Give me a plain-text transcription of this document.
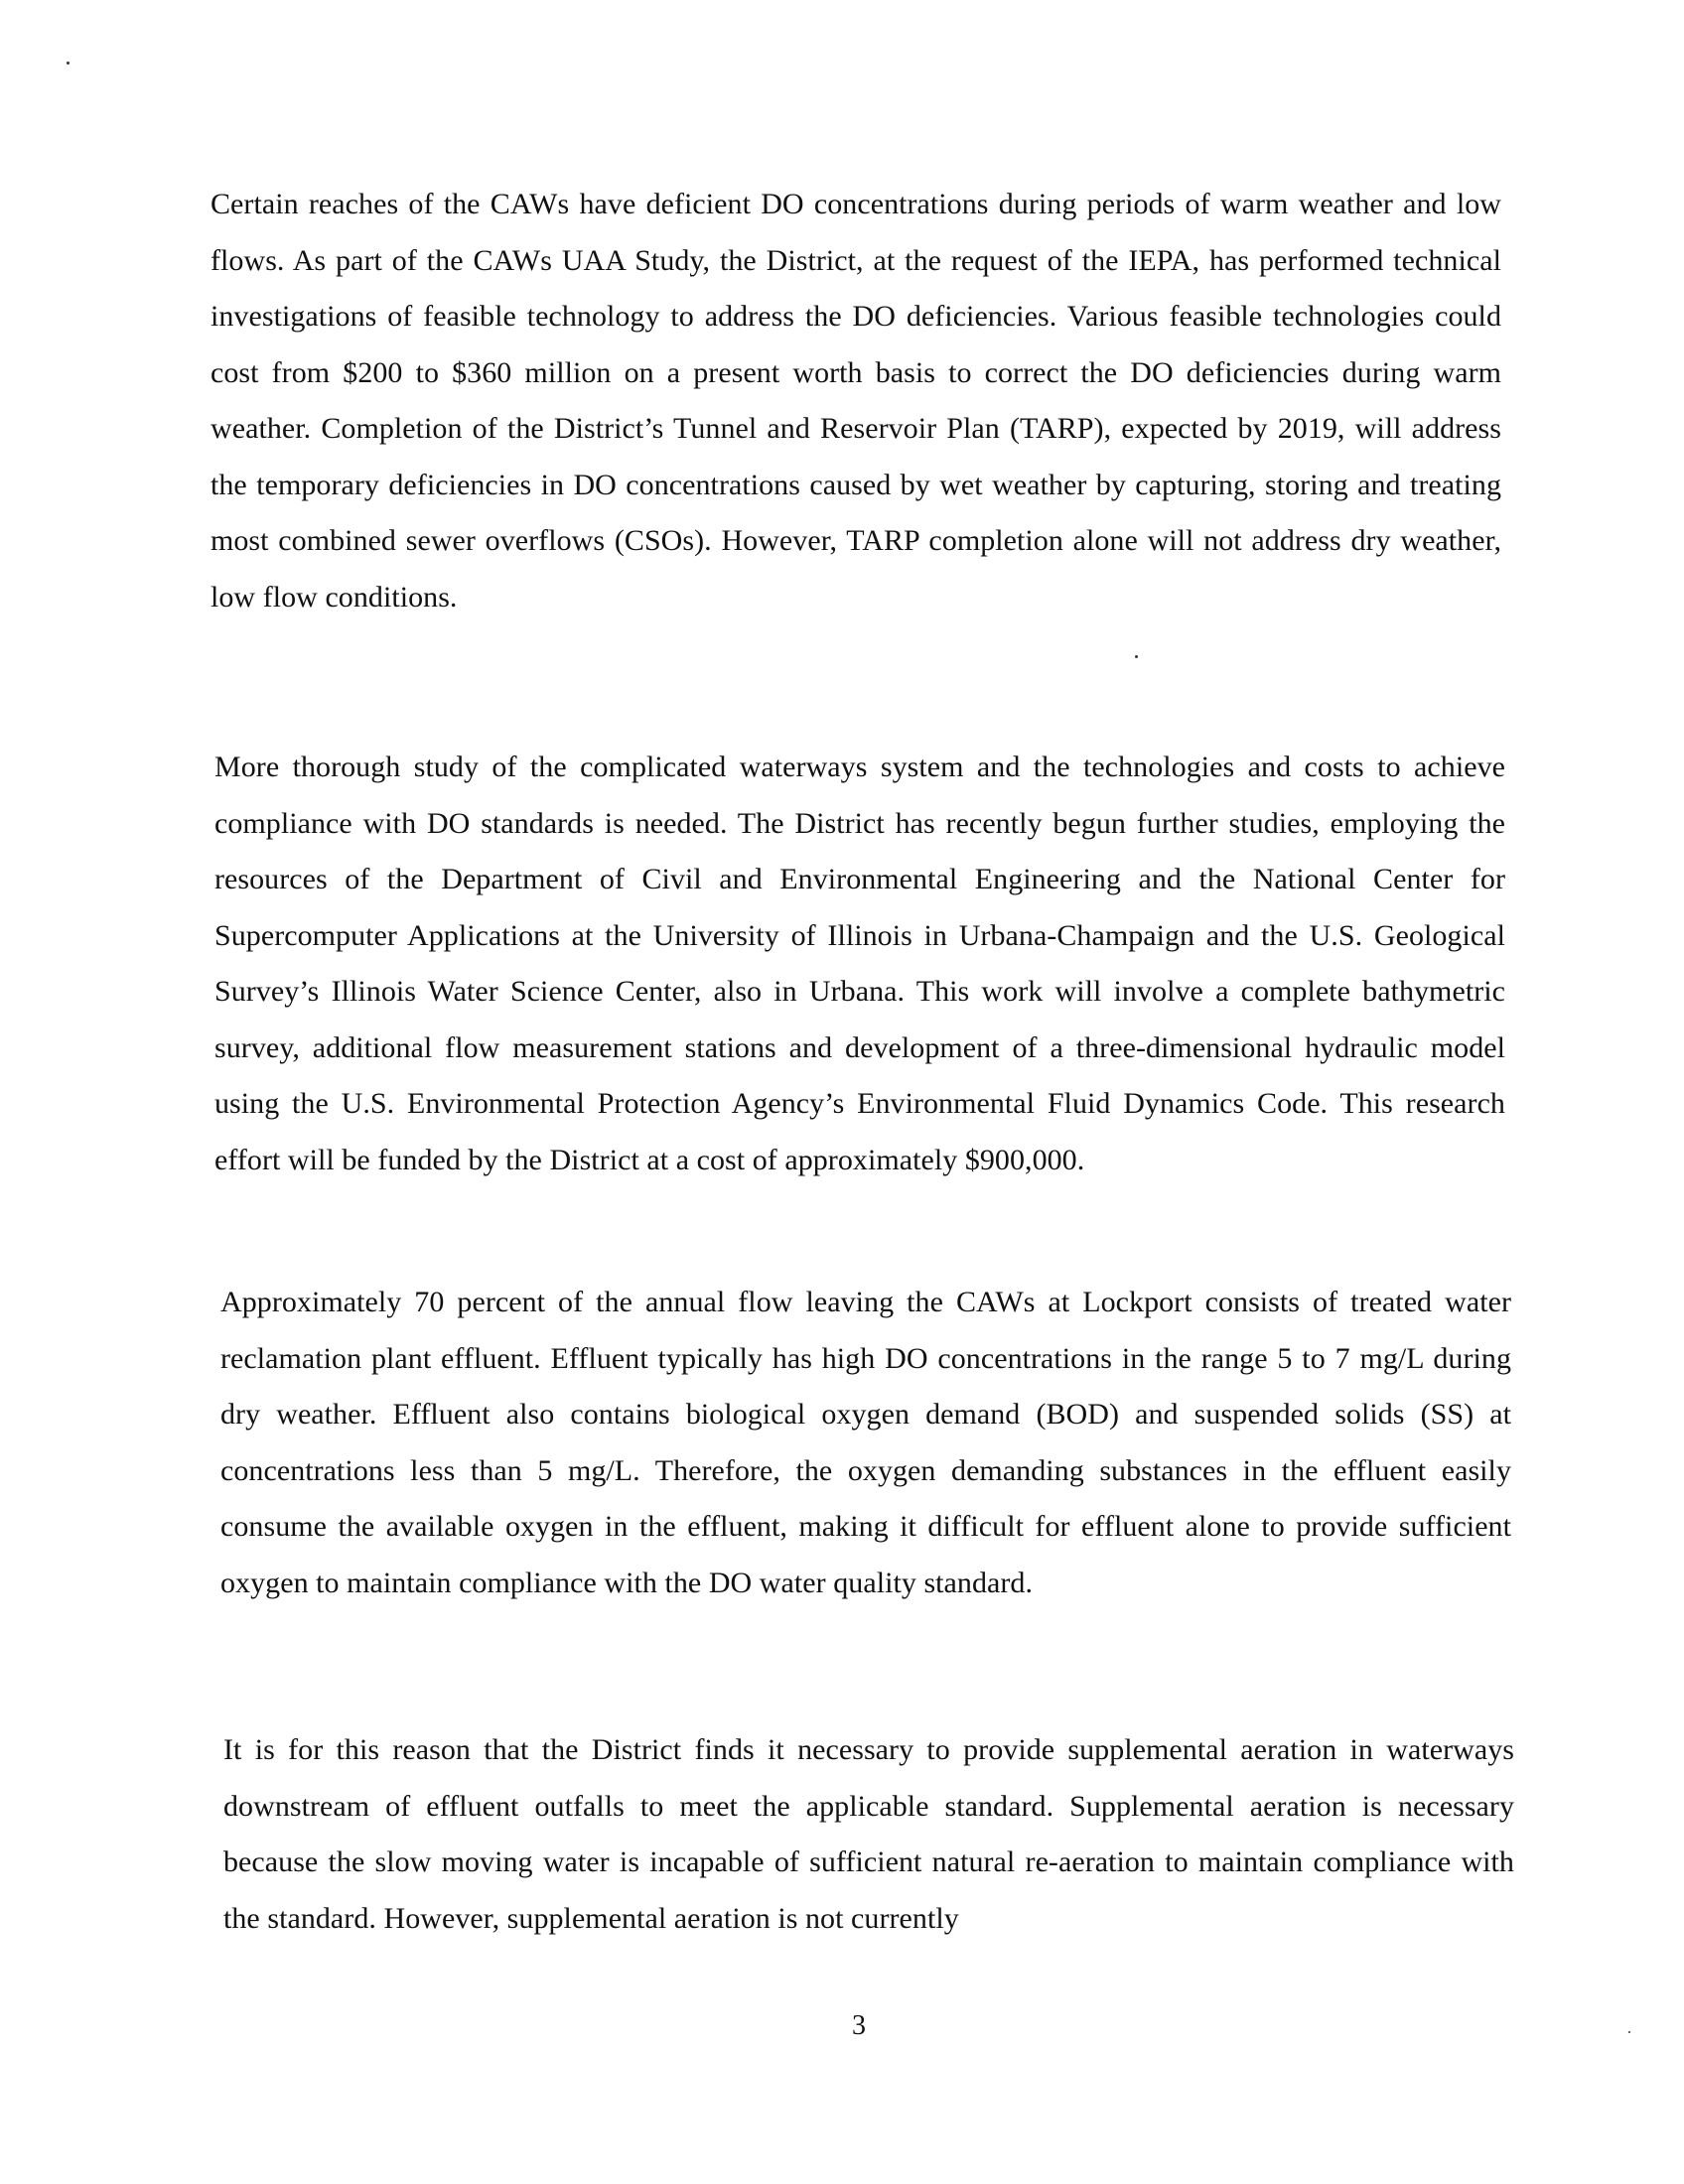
Certain reaches of the CAWs have deficient DO concentrations during periods of warm weather and low flows. As part of the CAWs UAA Study, the District, at the request of the IEPA, has performed technical investigations of feasible technology to address the DO deficiencies. Various feasible technologies could cost from $200 to $360 million on a present worth basis to correct the DO deficiencies during warm weather. Completion of the District’s Tunnel and Reservoir Plan (TARP), expected by 2019, will address the temporary deficiencies in DO concentrations caused by wet weather by capturing, storing and treating most combined sewer overflows (CSOs). However, TARP completion alone will not address dry weather, low flow conditions.

More thorough study of the complicated waterways system and the technologies and costs to achieve compliance with DO standards is needed. The District has recently begun further studies, employing the resources of the Department of Civil and Environmental Engineering and the National Center for Supercomputer Applications at the University of Illinois in Urbana-Champaign and the U.S. Geological Survey’s Illinois Water Science Center, also in Urbana. This work will involve a complete bathymetric survey, additional flow measurement stations and development of a three-dimensional hydraulic model using the U.S. Environmental Protection Agency’s Environmental Fluid Dynamics Code. This research effort will be funded by the District at a cost of approximately $900,000.

Approximately 70 percent of the annual flow leaving the CAWs at Lockport consists of treated water reclamation plant effluent. Effluent typically has high DO concentrations in the range 5 to 7 mg/L during dry weather. Effluent also contains biological oxygen demand (BOD) and suspended solids (SS) at concentrations less than 5 mg/L. Therefore, the oxygen demanding substances in the effluent easily consume the available oxygen in the effluent, making it difficult for effluent alone to provide sufficient oxygen to maintain compliance with the DO water quality standard.

It is for this reason that the District finds it necessary to provide supplemental aeration in waterways downstream of effluent outfalls to meet the applicable standard. Supplemental aeration is necessary because the slow moving water is incapable of sufficient natural re-aeration to maintain compliance with the standard. However, supplemental aeration is not currently

3
